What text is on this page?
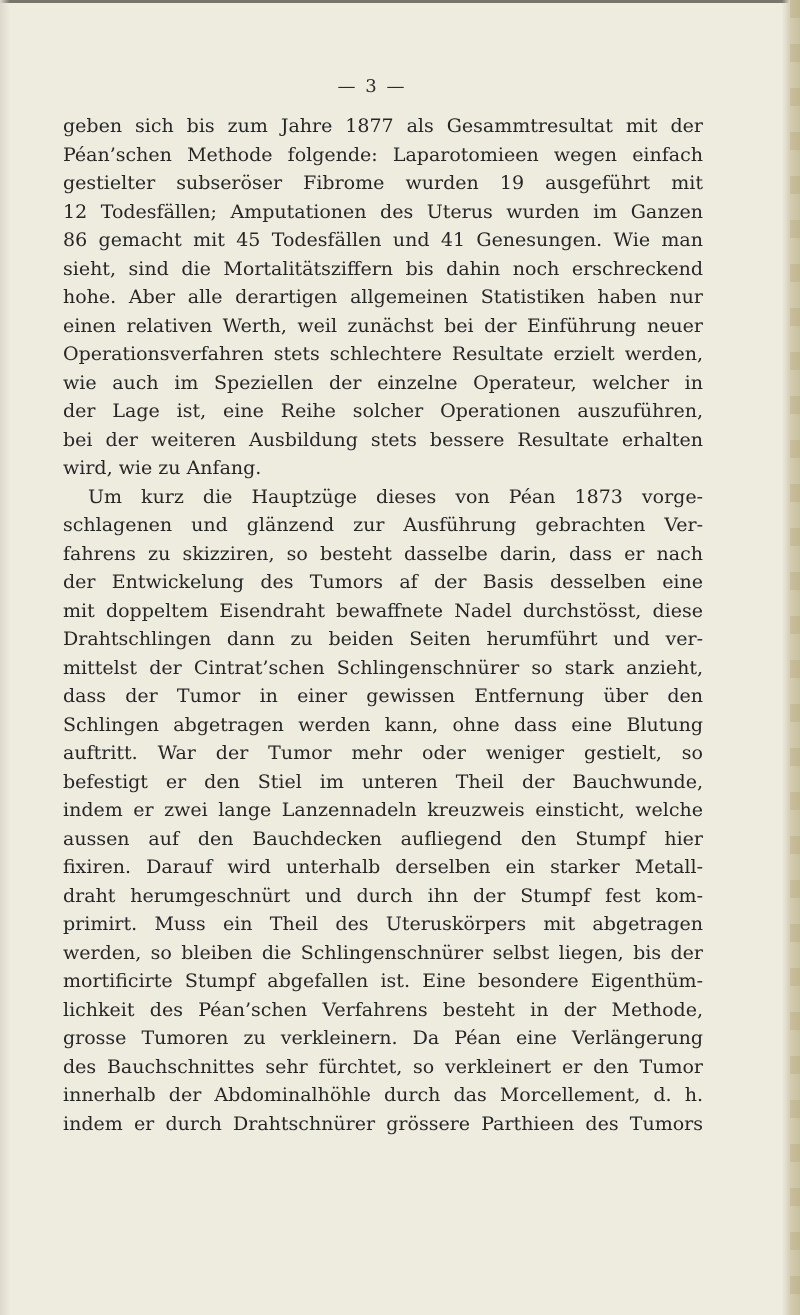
— 3 —
geben sich bis zum Jahre 1877 als Gesammtresultat mit der
Péan’schen Methode folgende: Laparotomieen wegen einfach
gestielter subseröser Fibrome wurden 19 ausgeführt mit
12 Todesfällen; Amputationen des Uterus wurden im Ganzen
86 gemacht mit 45 Todesfällen und 41 Genesungen. Wie man
sieht, sind die Mortalitätsziffern bis dahin noch erschreckend
hohe. Aber alle derartigen allgemeinen Statistiken haben nur
einen relativen Werth, weil zunächst bei der Einführung neuer
Operationsverfahren stets schlechtere Resultate erzielt werden,
wie auch im Speziellen der einzelne Operateur, welcher in
der Lage ist, eine Reihe solcher Operationen auszuführen,
bei der weiteren Ausbildung stets bessere Resultate erhalten
wird, wie zu Anfang.
Um kurz die Hauptzüge dieses von Péan 1873 vorge-
schlagenen und glänzend zur Ausführung gebrachten Ver-
fahrens zu skizziren, so besteht dasselbe darin, dass er nach
der Entwickelung des Tumors af der Basis desselben eine
mit doppeltem Eisendraht bewaffnete Nadel durchstösst, diese
Drahtschlingen dann zu beiden Seiten herumführt und ver-
mittelst der Cintrat’schen Schlingenschnürer so stark anzieht,
dass der Tumor in einer gewissen Entfernung über den
Schlingen abgetragen werden kann, ohne dass eine Blutung
auftritt. War der Tumor mehr oder weniger gestielt, so
befestigt er den Stiel im unteren Theil der Bauchwunde,
indem er zwei lange Lanzennadeln kreuzweis einsticht, welche
aussen auf den Bauchdecken aufliegend den Stumpf hier
fixiren. Darauf wird unterhalb derselben ein starker Metall-
draht herumgeschnürt und durch ihn der Stumpf fest kom-
primirt. Muss ein Theil des Uteruskörpers mit abgetragen
werden, so bleiben die Schlingenschnürer selbst liegen, bis der
mortificirte Stumpf abgefallen ist. Eine besondere Eigenthüm-
lichkeit des Péan’schen Verfahrens besteht in der Methode,
grosse Tumoren zu verkleinern. Da Péan eine Verlängerung
des Bauchschnittes sehr fürchtet, so verkleinert er den Tumor
innerhalb der Abdominalhöhle durch das Morcellement, d. h.
indem er durch Drahtschnürer grössere Parthieen des Tumors
